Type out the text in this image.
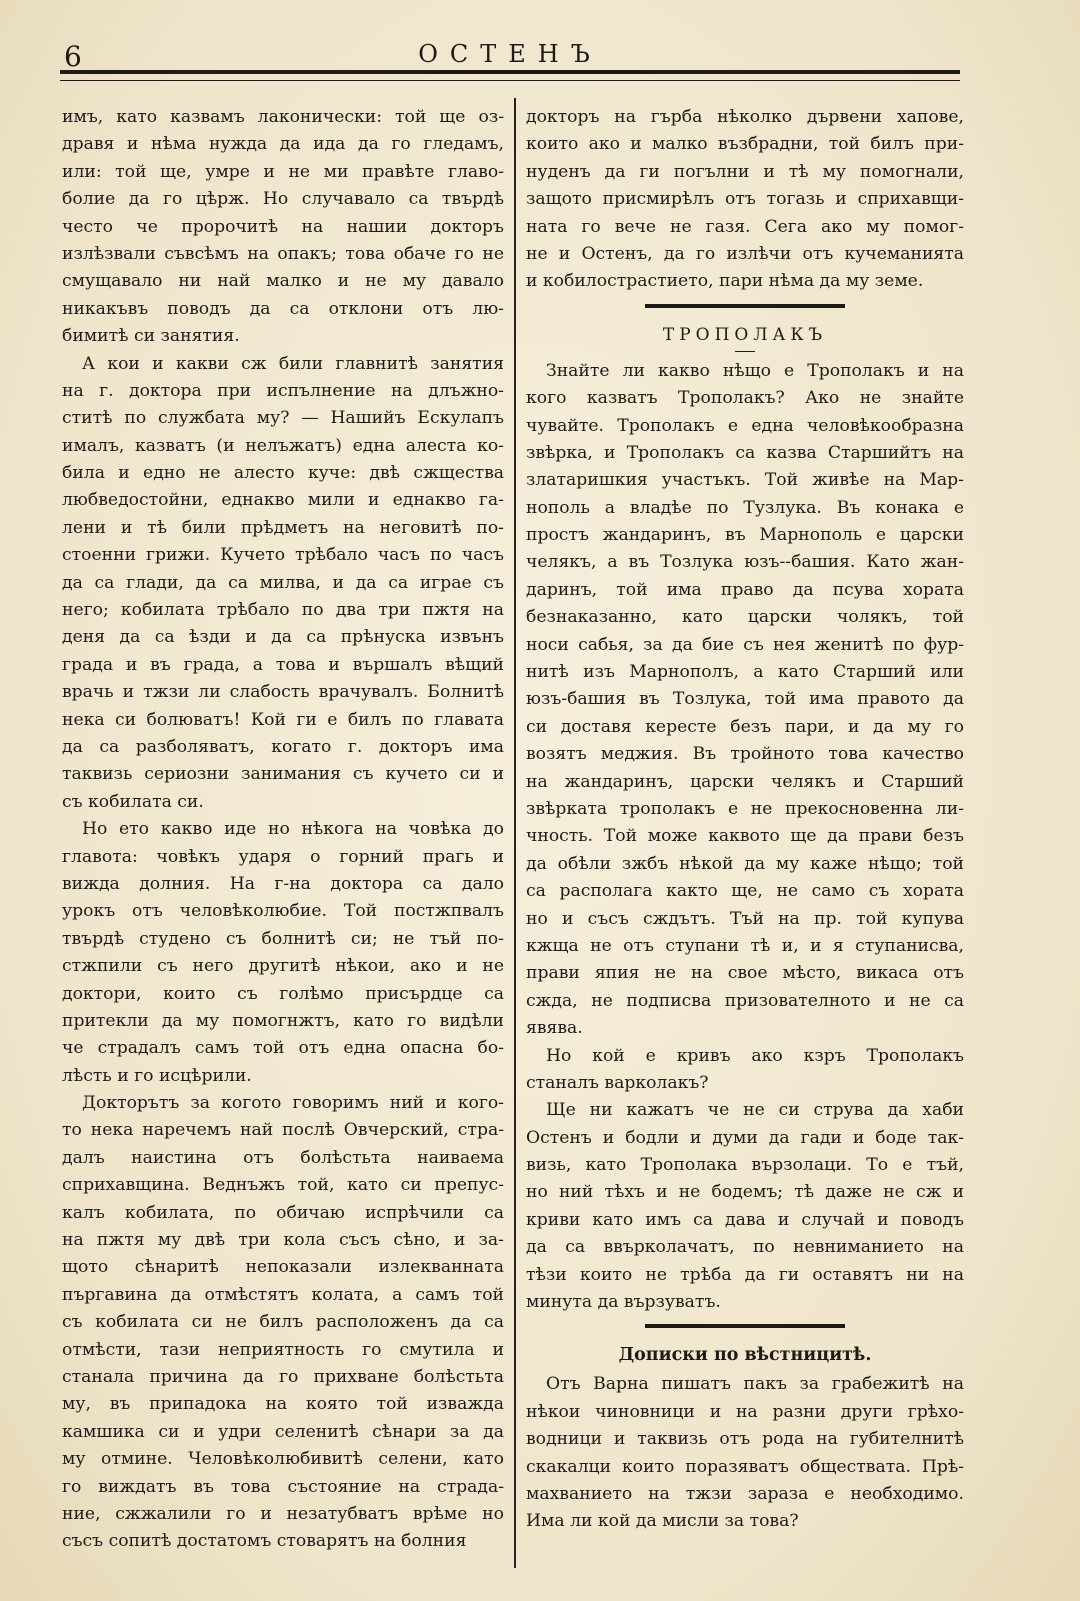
6	ОСТЕНЪ
имъ, като казвамъ лаконически: той ще оз-
дравя и нѣма нужда да ида да го гледамъ,
или: той ще, умре и не ми правѣте главо-
болие да го цѣрж. Но случавало са твърдѣ
често че пророчитѣ на нашии докторъ
излѣзвали съвсѣмъ на опакъ; това обаче го не
смущавало ни най малко и не му давало
никакъвъ поводъ да са отклони отъ лю-
бимитѣ си занятия.
А кои и какви сж били главнитѣ занятия
на г. доктора при испълнение на длъжно-
ститѣ по службата му? — Нашийъ Ескулапъ
ималъ, казватъ (и нелъжатъ) една алеста ко-
била и едно не алесто куче: двѣ сжщества
любведостойни, еднакво мили и еднакво га-
лени и тѣ били прѣдметъ на неговитѣ по-
стоенни грижи. Кучето трѣбало часъ по часъ
да са глади, да са милва, и да са играе съ
него; кобилата трѣбало по два три пжтя на
деня да са ѣзди и да са прѣнуска извънъ
града и въ града, а това и вършалъ вѣщий
врачь и тжзи ли слабость врачувалъ. Болнитѣ
нека си болюватъ! Кой ги е билъ по главата
да са разболяватъ, когато г. докторъ има
таквизь сериозни занимания съ кучето си и
съ кобилата си.
Но ето какво иде но нѣкога на човѣка до
главота: човѣкъ ударя о горний прагь и
вижда долния. На г-на доктора са дало
урокъ отъ человѣколюбие. Той постжпвалъ
твърдѣ студено съ болнитѣ си; не тъй по-
стжпили съ него другитѣ нѣкои, ако и не
доктори, които съ голѣмо присърдце са
притекли да му помогнжтъ, като го видѣли
че страдалъ самъ той отъ една опасна бо-
лѣсть и го исцѣрили.
Докторътъ за когото говоримъ ний и кого-
то нека наречемъ най послѣ Овчерский, стра-
далъ наистина отъ болѣстьта наиваема
сприхавщина. Веднъжъ той, като си препус-
калъ кобилата, по обичаю испрѣчили са
на пжтя му двѣ три кола съсъ сѣно, и за-
щото сѣнаритѣ непоказали излекванната
пъргавина да отмѣстятъ колата, а самъ той
съ кобилата си не билъ расположенъ да са
отмѣсти, тази неприятность го смутила и
станала причина да го прихване болѣстьта
му, въ припадока на която той изважда
камшика си и удри селенитѣ сѣнари за да
му отмине. Человѣколюбивитѣ селени, като
го виждатъ въ това състояние на страда-
ние, сжжалили го и незатубватъ врѣме но
съсъ сопитѣ достатомъ стоварятъ на болния
докторъ на гърба нѣколко дървени хапове,
които ако и малко възбрадни, той билъ при-
нуденъ да ги погълни и тѣ му помогнали,
защото присмирѣлъ отъ тогазь и сприхавщи-
ната го вече не газя. Сега ако му помог-
не и Остенъ, да го излѣчи отъ кучеманията
и кобилострастието, пари нѣма да му земе.
ТРОПОЛАКЪ
Знайте ли какво нѣщо е Трополакъ и на
кого казватъ Трополакъ? Ако не знайте
чувайте. Трополакъ е една человѣкообразна
звѣрка, и Трополакъ са казва Старшийтъ на
златаришкия участъкъ. Той живѣе на Мар-
нополь а владѣе по Тузлука. Въ конака е
простъ жандаринъ, въ Марнополь е царски
челякъ, а въ Тозлука юзъ--башия. Като жан-
даринъ, той има право да псува хората
безнаказанно, като царски чолякъ, той
носи сабья, за да бие съ нея женитѣ по фур-
нитѣ изъ Марнополъ, а като Старший или
юзъ-башия въ Тозлука, той има правото да
си доставя кересте безъ пари, и да му го
возятъ меджия. Въ тройното това качество
на жандаринъ, царски челякъ и Старший
звѣрката трополакъ е не прекосновенна ли-
чность. Той може каквото ще да прави безъ
да обѣли зжбъ нѣкой да му каже нѣщо; той
са располага както ще, не само съ хората
но и съсъ сждътъ. Тъй на пр. той купува
кжща не отъ ступани тѣ и, и я ступанисва,
прави япия не на свое мѣсто, викаса отъ
сжда, не подписва призователното и не са
явява.
Но кой е кривъ ако кзръ Трополакъ
станалъ варколакъ?
Ще ни кажатъ че не си струва да хаби
Остенъ и бодли и думи да гади и боде так-
визь, като Трополака вързолаци. То е тъй,
но ний тѣхъ и не бодемъ; тѣ даже не сж и
криви като имъ са дава и случай и поводъ
да са ввърколачатъ, по невниманието на
тѣзи които не трѣба да ги оставятъ ни на
минута да вързуватъ.
Дописки по вѣстницитѣ.
Отъ Варна пишатъ пакъ за грабежитѣ на
нѣкои чиновници и на разни други грѣхо-
водници и таквизь отъ рода на губителнитѣ
скакалци които поразяватъ обществата. Прѣ-
махванието на тжзи зараза е необходимо.
Има ли кой да мисли за това?
